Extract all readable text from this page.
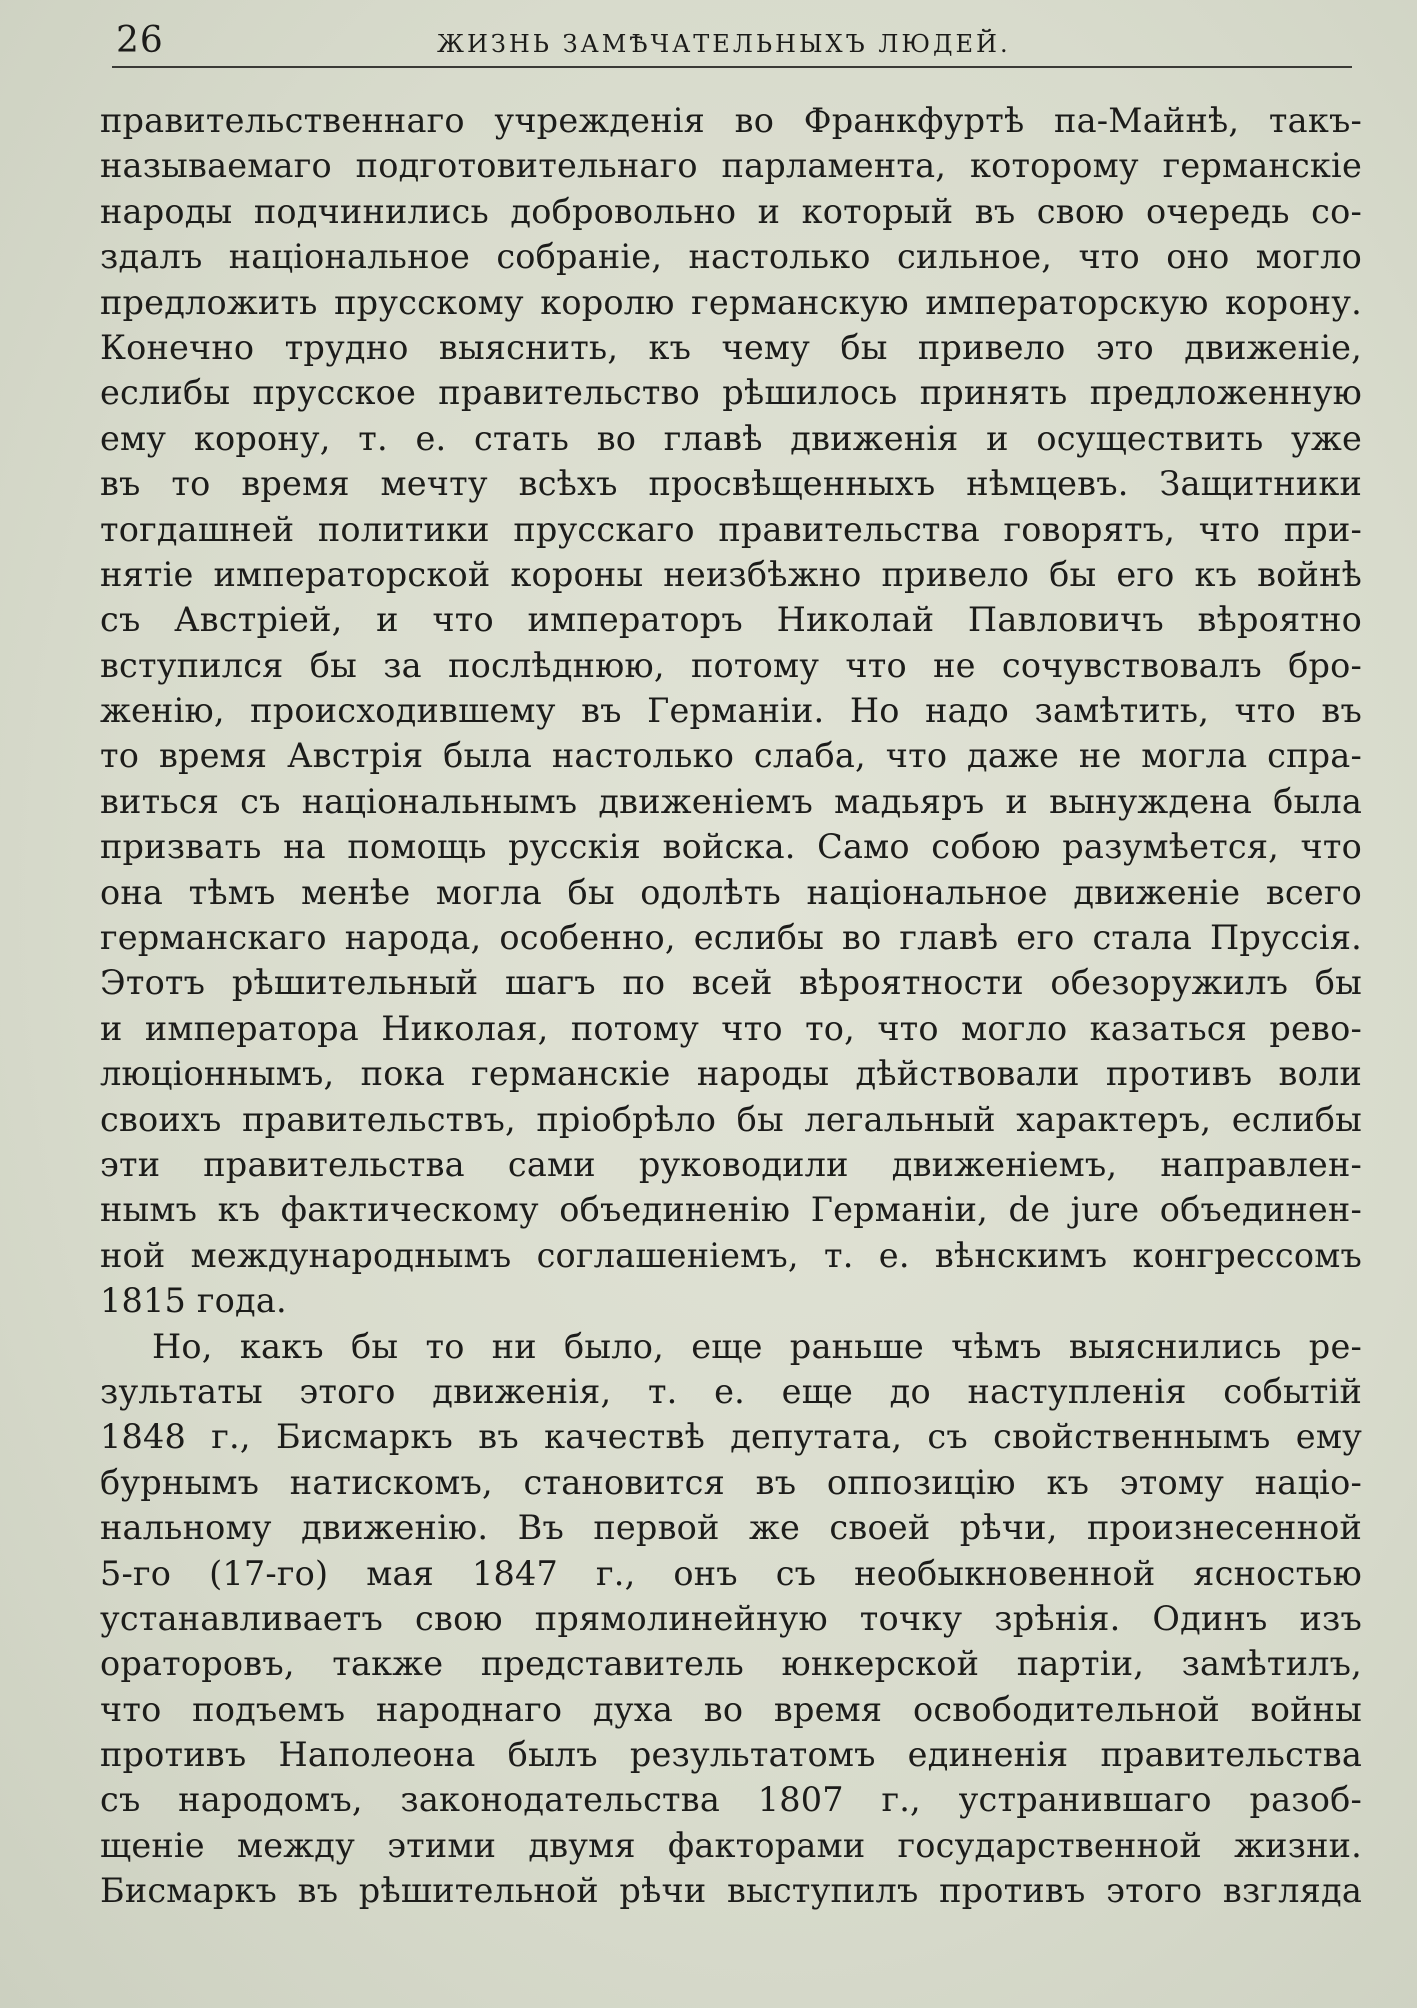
26	ЖИЗНЬ ЗАМѢЧАТЕЛЬНЫХЪ ЛЮДЕЙ.
правительственнаго учрежденія во Франкфуртѣ па-Майнѣ, такъ-
называемаго подготовительнаго парламента, которому германскіе
народы подчинились добровольно и который въ свою очередь со-
здалъ національное собраніе, настолько сильное, что оно могло
предложить прусскому королю германскую императорскую корону.
Конечно трудно выяснить, къ чему бы привело это движеніе,
еслибы прусское правительство рѣшилось принять предложенную
ему корону, т. е. стать во главѣ движенія и осуществить уже
въ то время мечту всѣхъ просвѣщенныхъ нѣмцевъ. Защитники
тогдашней политики прусскаго правительства говорятъ, что при-
нятіе императорской короны неизбѣжно привело бы его къ войнѣ
съ Австріей, и что императоръ Николай Павловичъ вѣроятно
вступился бы за послѣднюю, потому что не сочувствовалъ бро-
женію, происходившему въ Германіи. Но надо замѣтить, что въ
то время Австрія была настолько слаба, что даже не могла спра-
виться съ національнымъ движеніемъ мадьяръ и вынуждена была
призвать на помощь русскія войска. Само собою разумѣется, что
она тѣмъ менѣе могла бы одолѣть національное движеніе всего
германскаго народа, особенно, еслибы во главѣ его стала Пруссія.
Этотъ рѣшительный шагъ по всей вѣроятности обезоружилъ бы
и императора Николая, потому что то, что могло казаться рево-
люціоннымъ, пока германскіе народы дѣйствовали противъ воли
своихъ правительствъ, пріобрѣло бы легальный характеръ, еслибы
эти правительства сами руководили движеніемъ, направлен-
нымъ къ фактическому объединенію Германіи, de jure объединен-
ной международнымъ соглашеніемъ, т. е. вѣнскимъ конгрессомъ
1815 года.
Но, какъ бы то ни было, еще раньше чѣмъ выяснились ре-
зультаты этого движенія, т. е. еще до наступленія событій
1848 г., Бисмаркъ въ качествѣ депутата, съ свойственнымъ ему
бурнымъ натискомъ, становится въ оппозицію къ этому націо-
нальному движенію. Въ первой же своей рѣчи, произнесенной
5-го (17-го) мая 1847 г., онъ съ необыкновенной ясностью
устанавливаетъ свою прямолинейную точку зрѣнія. Одинъ изъ
ораторовъ, также представитель юнкерской партіи, замѣтилъ,
что подъемъ народнаго духа во время освободительной войны
противъ Наполеона былъ результатомъ единенія правительства
съ народомъ, законодательства 1807 г., устранившаго разоб-
щеніе между этими двумя факторами государственной жизни.
Бисмаркъ въ рѣшительной рѣчи выступилъ противъ этого взгляда
